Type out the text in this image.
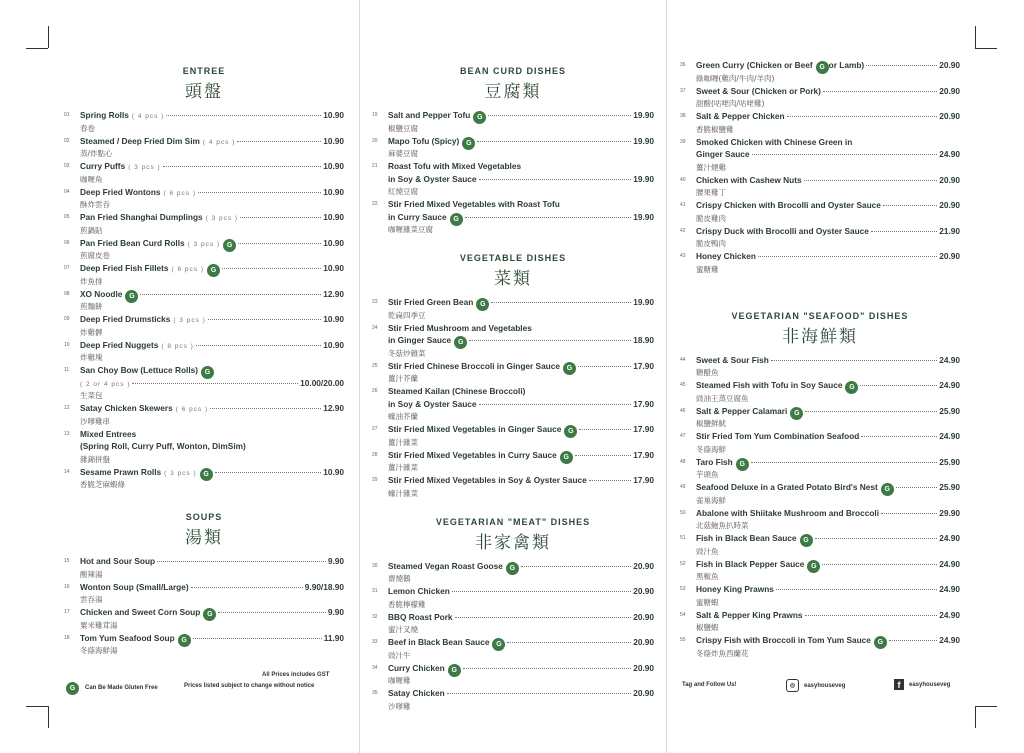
ENTREE
頭盤
01 Spring Rolls ( 4 pcs )	10.90
春卷
02 Steamed / Deep Fried Dim Sim ( 4 pcs )	10.90
蒸/炸點心
03 Curry Puffs ( 3 pcs )	10.90
咖喱角
04 Deep Fried Wontons ( 6 pcs )	10.90
酥炸雲吞
05 Pan Fried Shanghai Dumplings ( 3 pcs )	10.90
煎鍋貼
06 Pan Fried Bean Curd Rolls ( 3 pcs ) G	10.90
煎腐皮卷
07 Deep Fried Fish Fillets ( 6 pcs ) G	10.90
炸魚排
08 XO Noodle G	12.90
煎麵餅
09 Deep Fried Drumsticks ( 3 pcs )	10.90
炸雞髀
10 Deep Fried Nuggets ( 8 pcs )	10.90
炸雞塊
11 San Choy Bow (Lettuce Rolls) G
( 2 or 4 pcs )	10.00/20.00
生菜包
12 Satay Chicken Skewers ( 6 pcs )	12.90
沙嗲雞串
13 Mixed Entrees
(Spring Roll, Curry Puff, Wonton, DimSim)
雜錦拼盤
14 Sesame Prawn Rolls ( 3 pcs ) G	10.90
香脆芝麻蝦條
SOUPS
湯類
15 Hot and Sour Soup	9.90
酸辣湯
16 Wonton Soup (Small/Large)	9.90/18.90
雲吞湯
17 Chicken and Sweet Corn Soup G	9.90
粟米雞茸湯
18 Tom Yum Seafood Soup G	11.90
冬蔭海鮮湯
All Prices includes GST
G	Can Be Made Gluten Free	Prices listed subject to change without notice
BEAN CURD DISHES
豆腐類
19 Salt and Pepper Tofu G	19.90
椒鹽豆腐
20 Mapo Tofu (Spicy) G	19.90
麻婆豆腐
21 Roast Tofu with Mixed Vegetables
in Soy & Oyster Sauce	19.90
紅燒豆腐
22 Stir Fried Mixed Vegetables with Roast Tofu
in Curry Sauce G	19.90
咖喱雜菜豆腐
VEGETABLE DISHES
菜類
23 Stir Fried Green Bean G	19.90
乾扁四季豆
24 Stir Fried Mushroom and Vegetables
in Ginger Sauce G	18.90
冬菇炒雜菜
25 Stir Fried Chinese Broccoli in Ginger Sauce G	17.90
薑汁芥蘭
26 Steamed Kailan (Chinese Broccoli)
in Soy & Oyster Sauce	17.90
蠔油芥蘭
27 Stir Fried Mixed Vegetables in Ginger Sauce G	17.90
薑汁雜菜
28 Stir Fried Mixed Vegetables in Curry Sauce G	17.90
薑汁雜菜
29 Stir Fried Mixed Vegetables in Soy & Oyster Sauce	17.90
蠔汁雜菜
VEGETARIAN "MEAT" DISHES
非家禽類
30 Steamed Vegan Roast Goose G	20.90
齋燒鵝
31 Lemon Chicken	20.90
香脆檸檬雞
32 BBQ Roast Pork	20.90
蜜汁叉燒
33 Beef in Black Bean Sauce G	20.90
豉汁牛
34 Curry Chicken G	20.90
咖喱雞
35 Satay Chicken	20.90
沙嗲雞
36 Green Curry (Chicken or Beef G or Lamb)	20.90
綠咖喱(雞肉/牛肉/羊肉)
37 Sweet & Sour (Chicken or Pork)	20.90
甜酸(咕咾肉/咕咾雞)
38 Salt & Pepper Chicken	20.90
香脆椒鹽雞
39 Smoked Chicken with Chinese Green in
Ginger Sauce	24.90
薑汁煙雞
40 Chicken with Cashew Nuts	20.90
腰果雞丁
41 Crispy Chicken with Brocolli and Oyster Sauce	20.90
脆皮雞肉
42 Crispy Duck with Brocolli and Oyster Sauce	21.90
脆皮鴨肉
43 Honey Chicken	20.90
蜜糖雞
VEGETARIAN "SEAFOOD" DISHES
非海鮮類
44 Sweet & Sour Fish	24.90
糖醋魚
45 Steamed Fish with Tofu in Soy Sauce G	24.90
豉油王蒸豆腐魚
46 Salt & Pepper Calamari G	25.90
椒鹽鮮魷
47 Stir Fried Tom Yum Combination Seafood	24.90
冬蔭海鮮
48 Taro Fish G	25.90
芋頭魚
49 Seafood Deluxe in a Grated Potato Bird's Nest G	25.90
雀巢海鮮
50 Abalone with Shiitake Mushroom and Broccoli	29.90
北菇鮑魚扒時菜
51 Fish in Black Bean Sauce G	24.90
豉汁魚
52 Fish in Black Pepper Sauce G	24.90
黑椒魚
53 Honey King Prawns	24.90
蜜糖蝦
54 Salt & Pepper King Prawns	24.90
椒鹽蝦
55 Crispy Fish with Broccoli in Tom Yum Sauce G	24.90
冬蔭炸魚西蘭花
Tag and Follow Us!	◎	easyhouseveg	f	easyhouseveg
